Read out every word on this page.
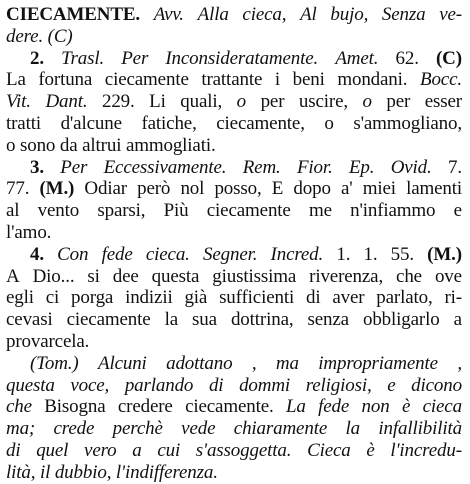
CIECAMENTE. Avv. Alla cieca, Al bujo, Senza ve-
dere. (C)
2. Trasl. Per Inconsideratamente. Amet. 62. (C)
La fortuna ciecamente trattante i beni mondani. Bocc.
Vit. Dant. 229. Li quali, o per uscire, o per esser
tratti d'alcune fatiche, ciecamente, o s'ammogliano,
o sono da altrui ammogliati.
3. Per Eccessivamente. Rem. Fior. Ep. Ovid. 7.
77. (M.) Odiar però nol posso, E dopo a' miei lamenti
al vento sparsi, Più ciecamente me n'infiammo e
l'amo.
4. Con fede cieca. Segner. Incred. 1. 1. 55. (M.)
A Dio... si dee questa giustissima riverenza, che ove
egli ci porga indizii già sufficienti di aver parlato, ri-
cevasi ciecamente la sua dottrina, senza obbligarlo a
provarcela.
(Tom.) Alcuni adottano , ma impropriamente ,
questa voce, parlando di dommi religiosi, e dicono
che Bisogna credere ciecamente. La fede non è cieca
ma; crede perchè vede chiaramente la infallibilità
di quel vero a cui s'assoggetta. Cieca è l'incredu-
lità, il dubbio, l'indifferenza.
